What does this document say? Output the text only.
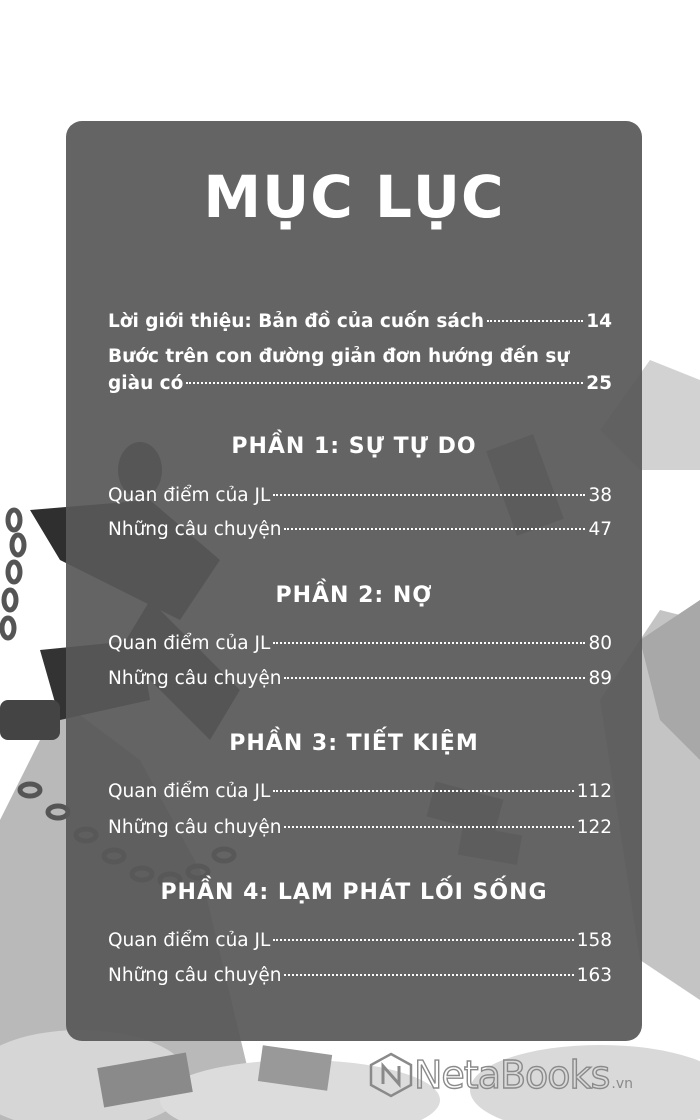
MỤC LỤC
Lời giới thiệu: Bản đồ của cuốn sách	14
Bước trên con đường giản đơn hướng đến sự
giàu có	25
PHẦN 1: SỰ TỰ DO
Quan điểm của JL	38
Những câu chuyện	47
PHẦN 2: NỢ
Quan điểm của JL	80
Những câu chuyện	89
PHẦN 3: TIẾT KIỆM
Quan điểm của JL	112
Những câu chuyện	122
PHẦN 4: LẠM PHÁT LỐI SỐNG
Quan điểm của JL	158
Những câu chuyện	163
NetaBooks .vn
